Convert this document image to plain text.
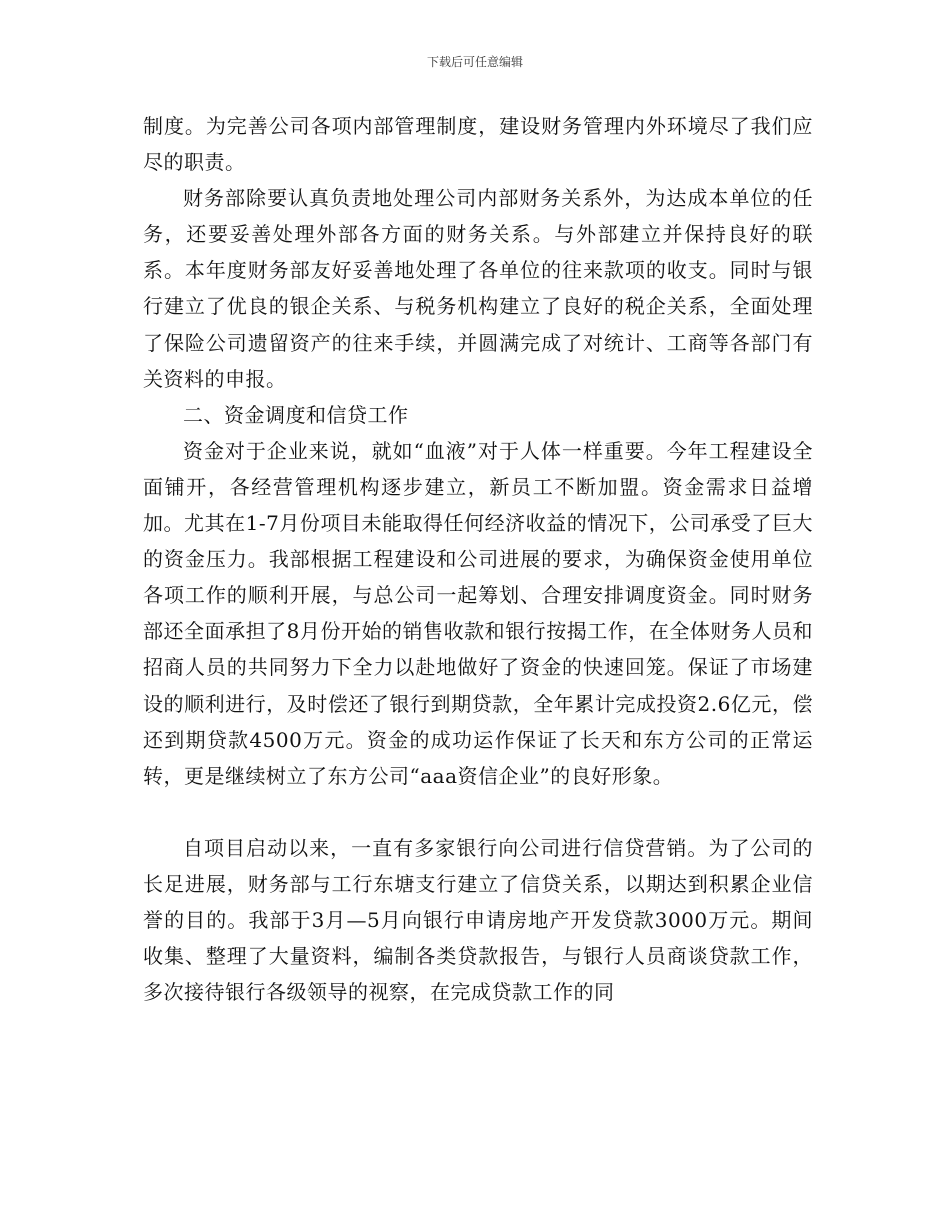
下载后可任意编辑

制度。为完善公司各项内部管理制度，建设财务管理内外环境尽了我们应尽的职责。

财务部除要认真负责地处理公司内部财务关系外，为达成本单位的任务，还要妥善处理外部各方面的财务关系。与外部建立并保持良好的联系。本年度财务部友好妥善地处理了各单位的往来款项的收支。同时与银行建立了优良的银企关系、与税务机构建立了良好的税企关系，全面处理了保险公司遗留资产的往来手续，并圆满完成了对统计、工商等各部门有关资料的申报。

二、资金调度和信贷工作

资金对于企业来说，就如“血液”对于人体一样重要。今年工程建设全面铺开，各经营管理机构逐步建立，新员工不断加盟。资金需求日益增加。尤其在1-7月份项目未能取得任何经济收益的情况下，公司承受了巨大的资金压力。我部根据工程建设和公司进展的要求，为确保资金使用单位各项工作的顺利开展，与总公司一起筹划、合理安排调度资金。同时财务部还全面承担了8月份开始的销售收款和银行按揭工作，在全体财务人员和招商人员的共同努力下全力以赴地做好了资金的快速回笼。保证了市场建设的顺利进行，及时偿还了银行到期贷款，全年累计完成投资2.6亿元，偿还到期贷款4500万元。资金的成功运作保证了长天和东方公司的正常运转，更是继续树立了东方公司“aaa资信企业”的良好形象。

自项目启动以来，一直有多家银行向公司进行信贷营销。为了公司的长足进展，财务部与工行东塘支行建立了信贷关系，以期达到积累企业信誉的目的。我部于3月—5月向银行申请房地产开发贷款3000万元。期间收集、整理了大量资料，编制各类贷款报告，与银行人员商谈贷款工作，多次接待银行各级领导的视察，在完成贷款工作的同
